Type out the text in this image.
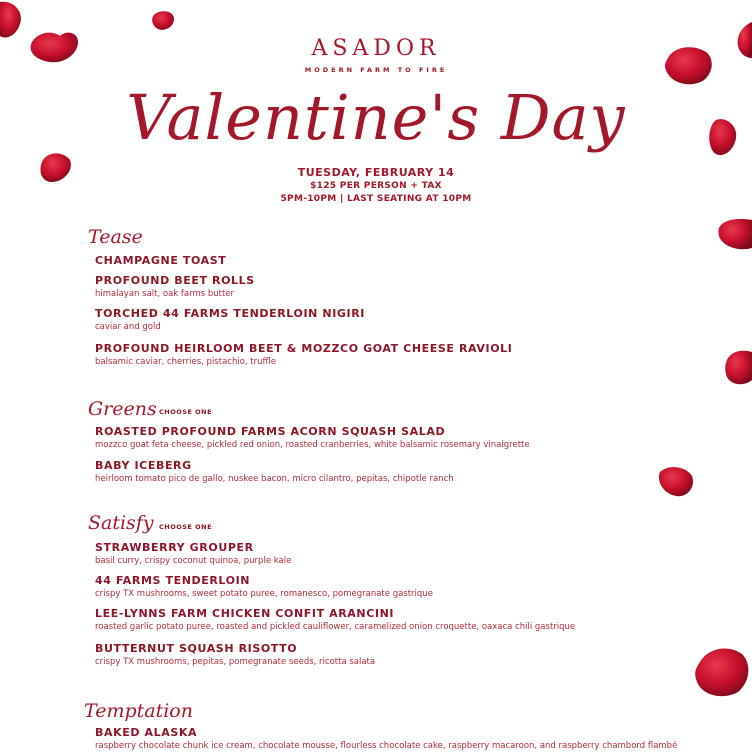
ASADOR
MODERN FARM TO FIRE
Valentine's Day
TUESDAY, FEBRUARY 14
$125 PER PERSON + TAX
5PM-10PM | LAST SEATING AT 10PM
Tease
CHAMPAGNE TOAST
PROFOUND BEET ROLLS
himalayan salt, oak farms butter
TORCHED 44 FARMS TENDERLOIN NIGIRI
caviar and gold
PROFOUND HEIRLOOM BEET & MOZZCO GOAT CHEESE RAVIOLI
balsamic caviar, cherries, pistachio, truffle
Greens CHOOSE ONE
ROASTED PROFOUND FARMS ACORN SQUASH SALAD
mozzco goat feta cheese, pickled red onion, roasted cranberries, white balsamic rosemary vinaigrette
BABY ICEBERG
heirloom tomato pico de gallo, nuskee bacon, micro cilantro, pepitas, chipotle ranch
Satisfy CHOOSE ONE
STRAWBERRY GROUPER
basil curry, crispy coconut quinoa, purple kale
44 FARMS TENDERLOIN
crispy TX mushrooms, sweet potato puree, romanesco, pomegranate gastrique
LEE-LYNNS FARM CHICKEN CONFIT ARANCINI
roasted garlic potato puree, roasted and pickled cauliflower, caramelized onion croquette, oaxaca chili gastrique
BUTTERNUT SQUASH RISOTTO
crispy TX mushrooms, pepitas, pomegranate seeds, ricotta salata
Temptation
BAKED ALASKA
raspberry chocolate chunk ice cream, chocolate mousse, flourless chocolate cake, raspberry macaroon, and raspberry chambord flambé
